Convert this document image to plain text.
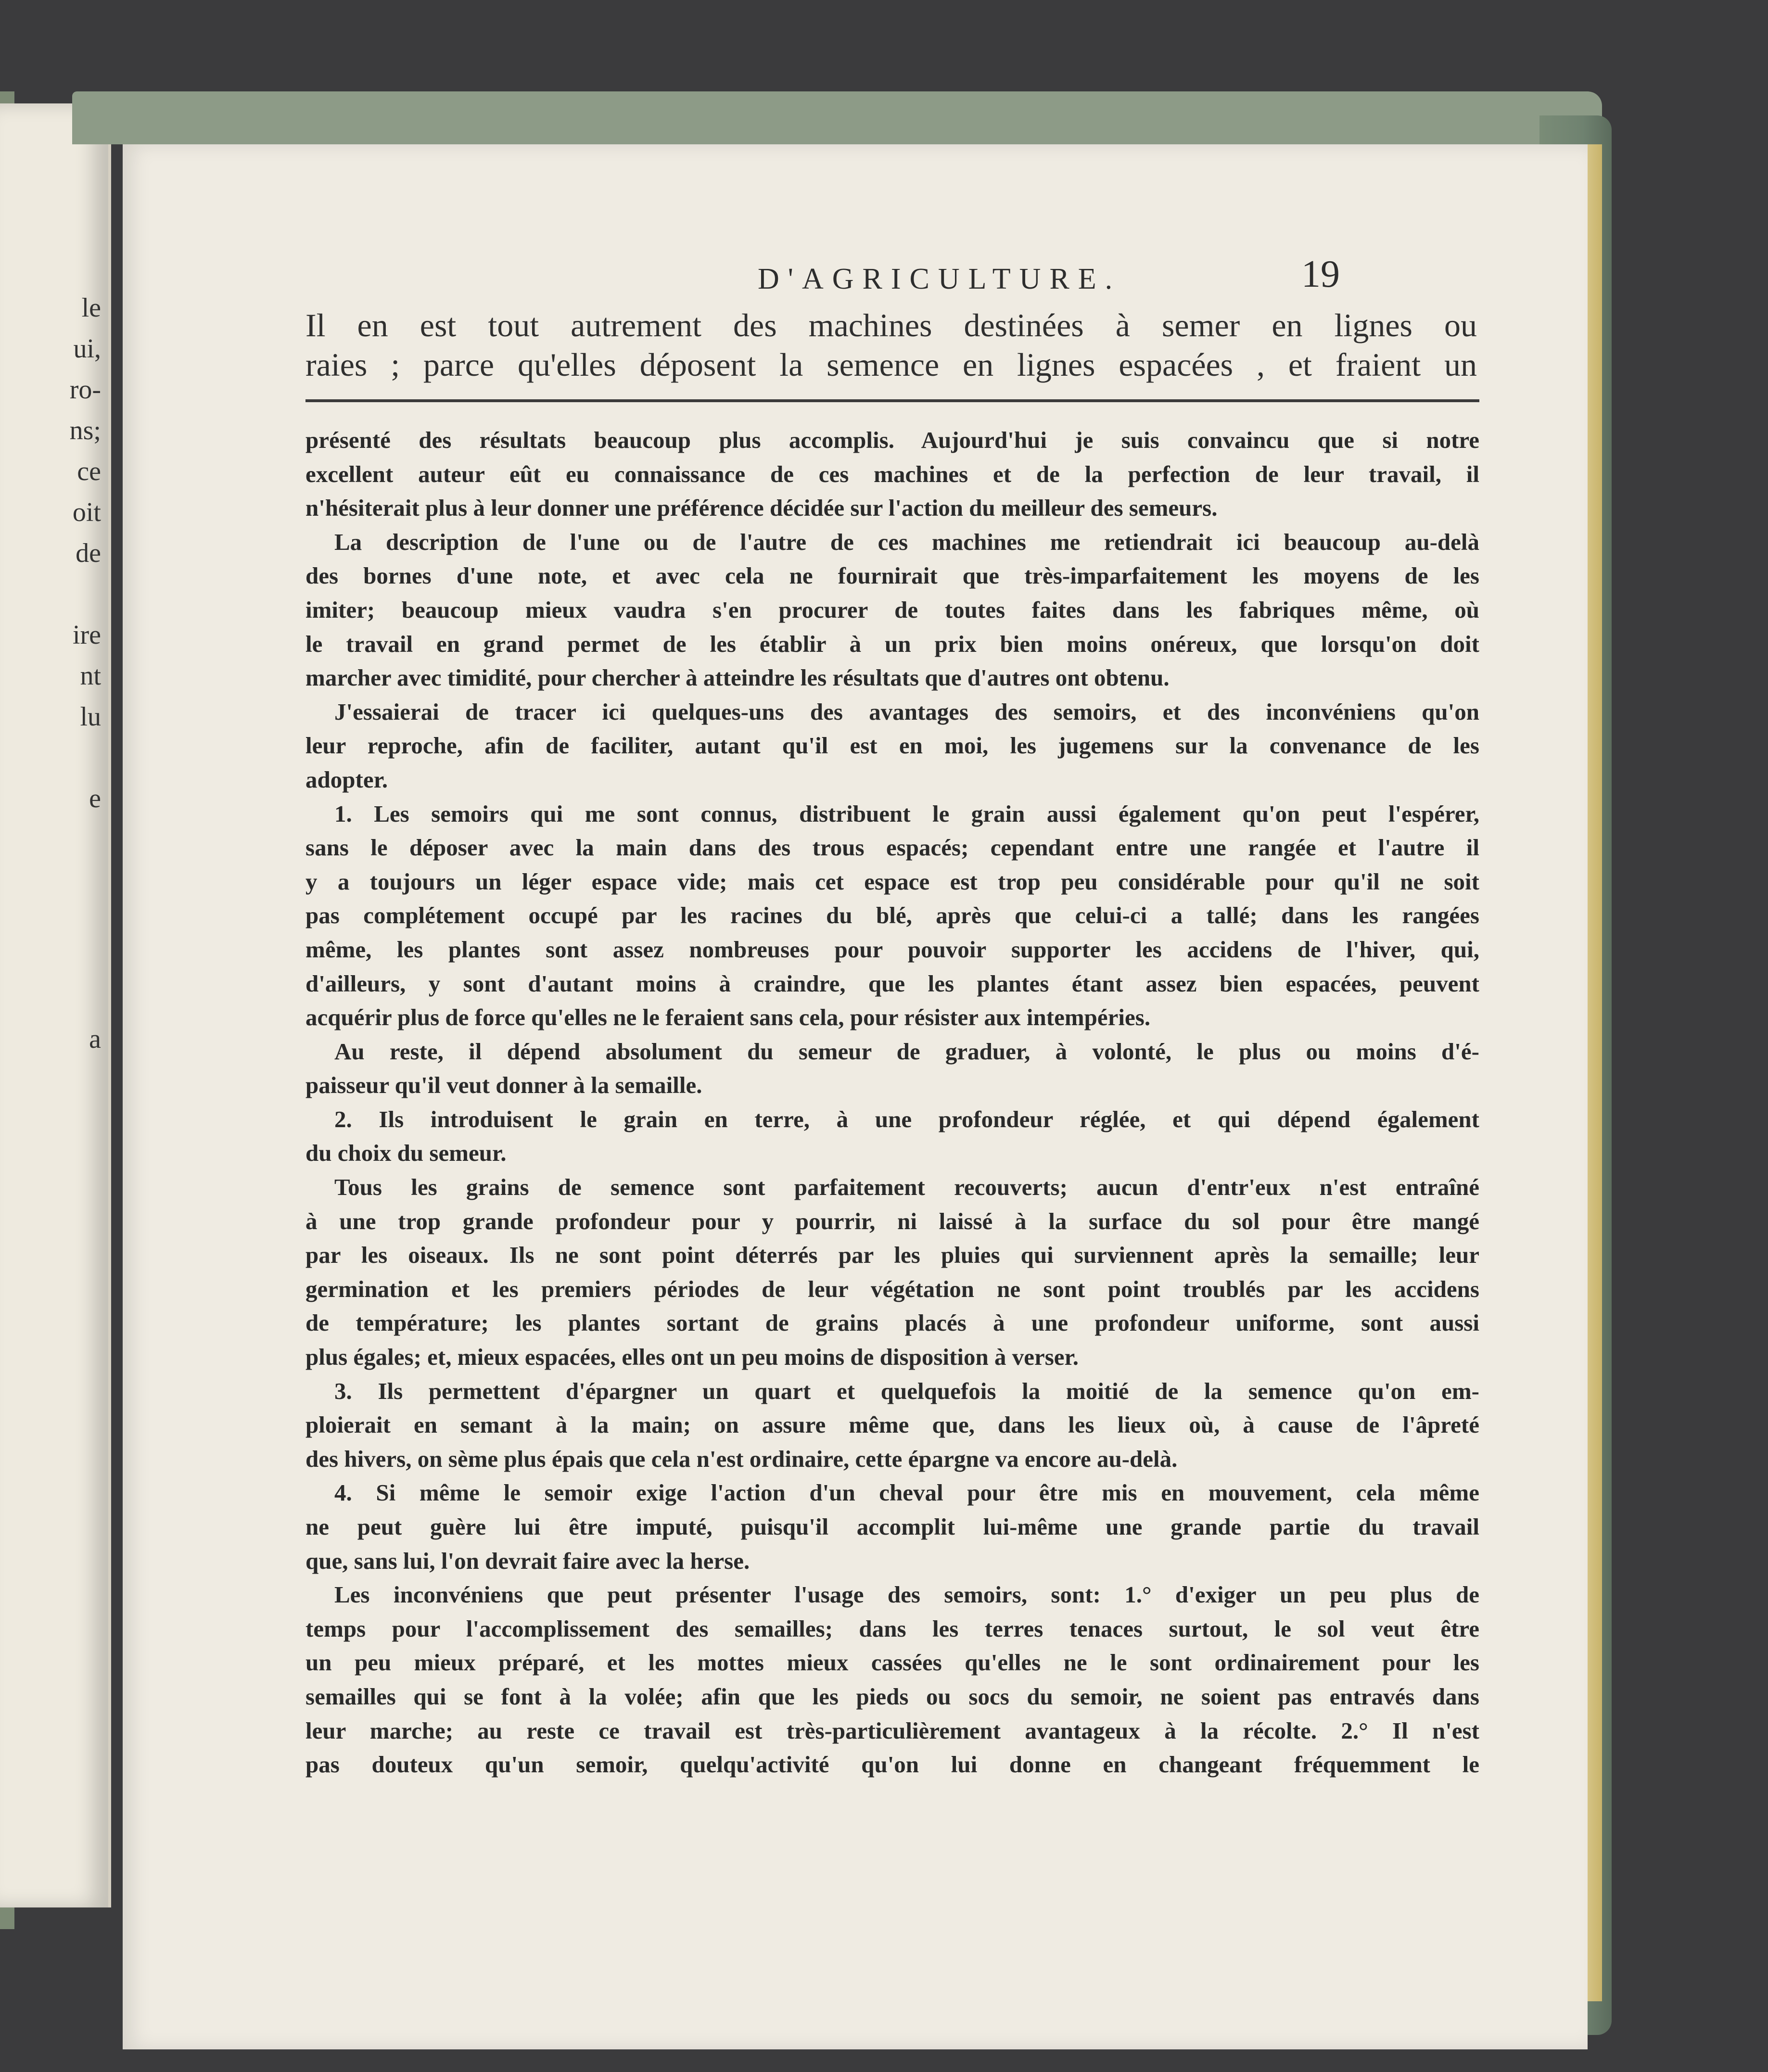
le
ui,
ro-
ns;
ce
oit
de
ire
nt
lu
e
a
D'AGRICULTURE.	19
Il en est tout autrement des machines destinées à semer en lignes ou
raies ; parce qu'elles déposent la semence en lignes espacées , et fraient un
présenté des résultats beaucoup plus accomplis. Aujourd'hui je suis convaincu que si notre
excellent auteur eût eu connaissance de ces machines et de la perfection de leur travail, il
n'hésiterait plus à leur donner une préférence décidée sur l'action du meilleur des semeurs.
La description de l'une ou de l'autre de ces machines me retiendrait ici beaucoup au-delà
des bornes d'une note, et avec cela ne fournirait que très-imparfaitement les moyens de les
imiter; beaucoup mieux vaudra s'en procurer de toutes faites dans les fabriques même, où
le travail en grand permet de les établir à un prix bien moins onéreux, que lorsqu'on doit
marcher avec timidité, pour chercher à atteindre les résultats que d'autres ont obtenu.
J'essaierai de tracer ici quelques-uns des avantages des semoirs, et des inconvéniens qu'on
leur reproche, afin de faciliter, autant qu'il est en moi, les jugemens sur la convenance de les
adopter.
1. Les semoirs qui me sont connus, distribuent le grain aussi également qu'on peut l'espérer,
sans le déposer avec la main dans des trous espacés; cependant entre une rangée et l'autre il
y a toujours un léger espace vide; mais cet espace est trop peu considérable pour qu'il ne soit
pas complétement occupé par les racines du blé, après que celui-ci a tallé; dans les rangées
même, les plantes sont assez nombreuses pour pouvoir supporter les accidens de l'hiver, qui,
d'ailleurs, y sont d'autant moins à craindre, que les plantes étant assez bien espacées, peuvent
acquérir plus de force qu'elles ne le feraient sans cela, pour résister aux intempéries.
Au reste, il dépend absolument du semeur de graduer, à volonté, le plus ou moins d'é-
paisseur qu'il veut donner à la semaille.
2. Ils introduisent le grain en terre, à une profondeur réglée, et qui dépend également
du choix du semeur.
Tous les grains de semence sont parfaitement recouverts; aucun d'entr'eux n'est entraîné
à une trop grande profondeur pour y pourrir, ni laissé à la surface du sol pour être mangé
par les oiseaux. Ils ne sont point déterrés par les pluies qui surviennent après la semaille; leur
germination et les premiers périodes de leur végétation ne sont point troublés par les accidens
de température; les plantes sortant de grains placés à une profondeur uniforme, sont aussi
plus égales; et, mieux espacées, elles ont un peu moins de disposition à verser.
3. Ils permettent d'épargner un quart et quelquefois la moitié de la semence qu'on em-
ploierait en semant à la main; on assure même que, dans les lieux où, à cause de l'âpreté
des hivers, on sème plus épais que cela n'est ordinaire, cette épargne va encore au-delà.
4. Si même le semoir exige l'action d'un cheval pour être mis en mouvement, cela même
ne peut guère lui être imputé, puisqu'il accomplit lui-même une grande partie du travail
que, sans lui, l'on devrait faire avec la herse.
Les inconvéniens que peut présenter l'usage des semoirs, sont: 1.° d'exiger un peu plus de
temps pour l'accomplissement des semailles; dans les terres tenaces surtout, le sol veut être
un peu mieux préparé, et les mottes mieux cassées qu'elles ne le sont ordinairement pour les
semailles qui se font à la volée; afin que les pieds ou socs du semoir, ne soient pas entravés dans
leur marche; au reste ce travail est très-particulièrement avantageux à la récolte. 2.° Il n'est
pas douteux qu'un semoir, quelqu'activité qu'on lui donne en changeant fréquemment le
